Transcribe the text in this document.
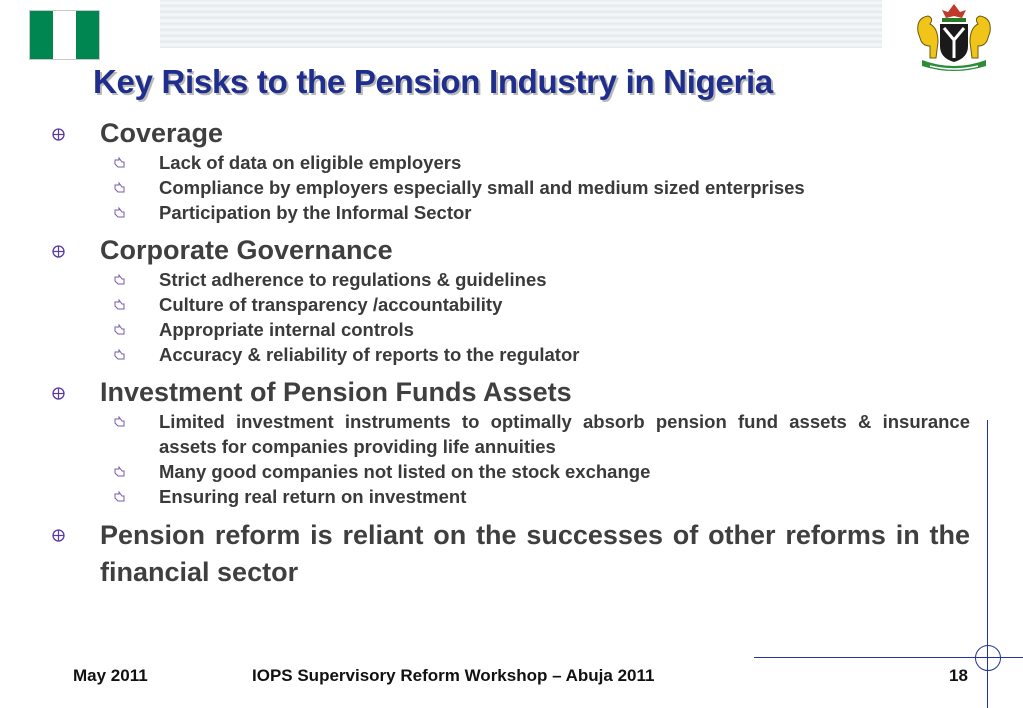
Key Risks to the Pension Industry in Nigeria
Coverage
Lack of data on eligible employers
Compliance by employers especially small and medium sized enterprises
Participation by the Informal Sector
Corporate Governance
Strict adherence to regulations & guidelines
Culture of transparency /accountability
Appropriate internal controls
Accuracy & reliability of reports to the regulator
Investment of Pension Funds Assets
Limited investment instruments to optimally absorb pension fund assets & insurance assets for companies providing life annuities
Many good companies not listed on the stock exchange
Ensuring real return on investment
Pension reform is reliant on the successes of other reforms in the financial sector
May 2011	IOPS Supervisory Reform Workshop – Abuja 2011	18
